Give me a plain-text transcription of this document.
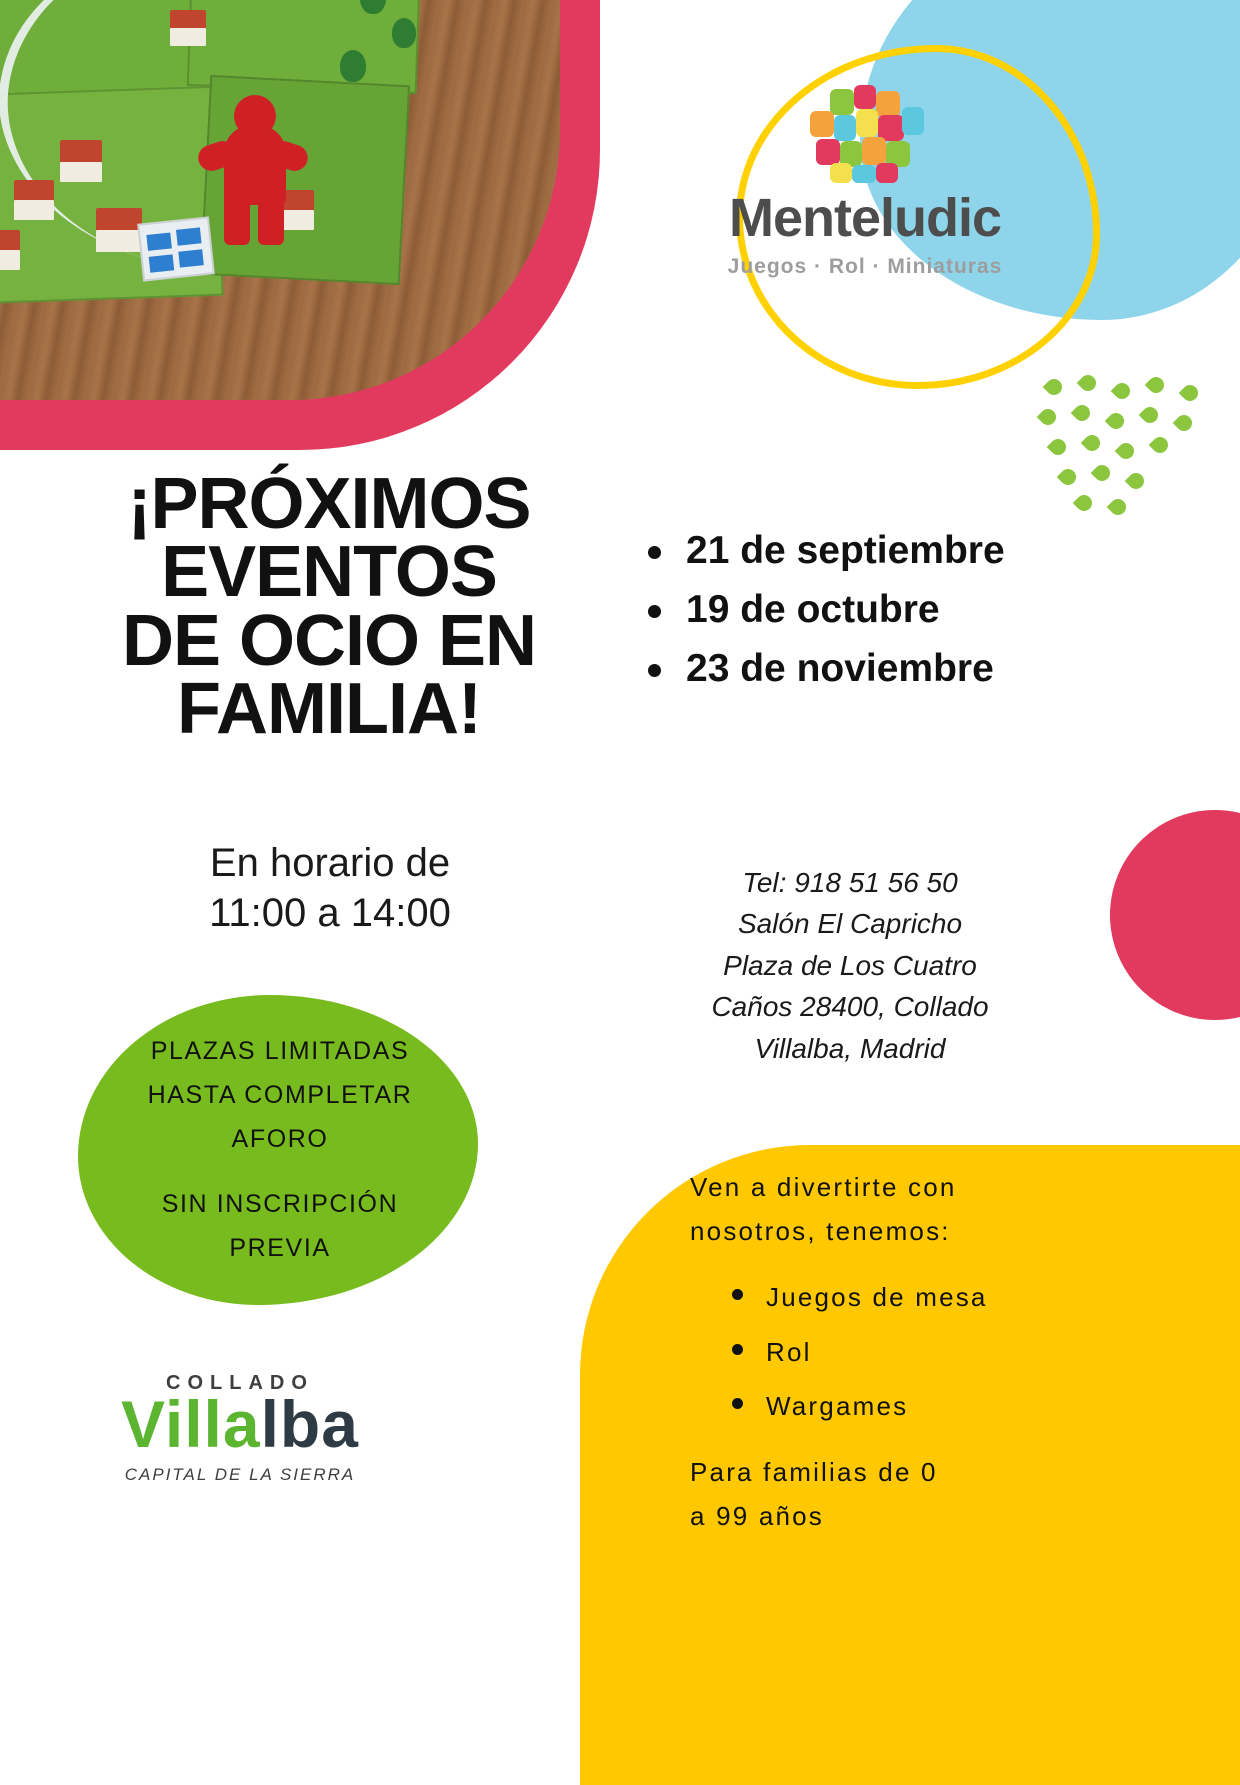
Menteludic
Juegos · Rol · Miniaturas
¡PRÓXIMOS
EVENTOS
DE OCIO EN
FAMILIA!
En horario de
11:00 a 14:00
21 de septiembre
19 de octubre
23 de noviembre
Tel: 918 51 56 50
Salón El Capricho
Plaza de Los Cuatro
Caños 28400, Collado
Villalba, Madrid
PLAZAS LIMITADAS
HASTA COMPLETAR
AFORO
SIN INSCRIPCIÓN
PREVIA
Ven a divertirte con
nosotros, tenemos:
Juegos de mesa
Rol
Wargames
Para familias de 0
a 99 años
COLLADO
Villalba
CAPITAL DE LA SIERRA
